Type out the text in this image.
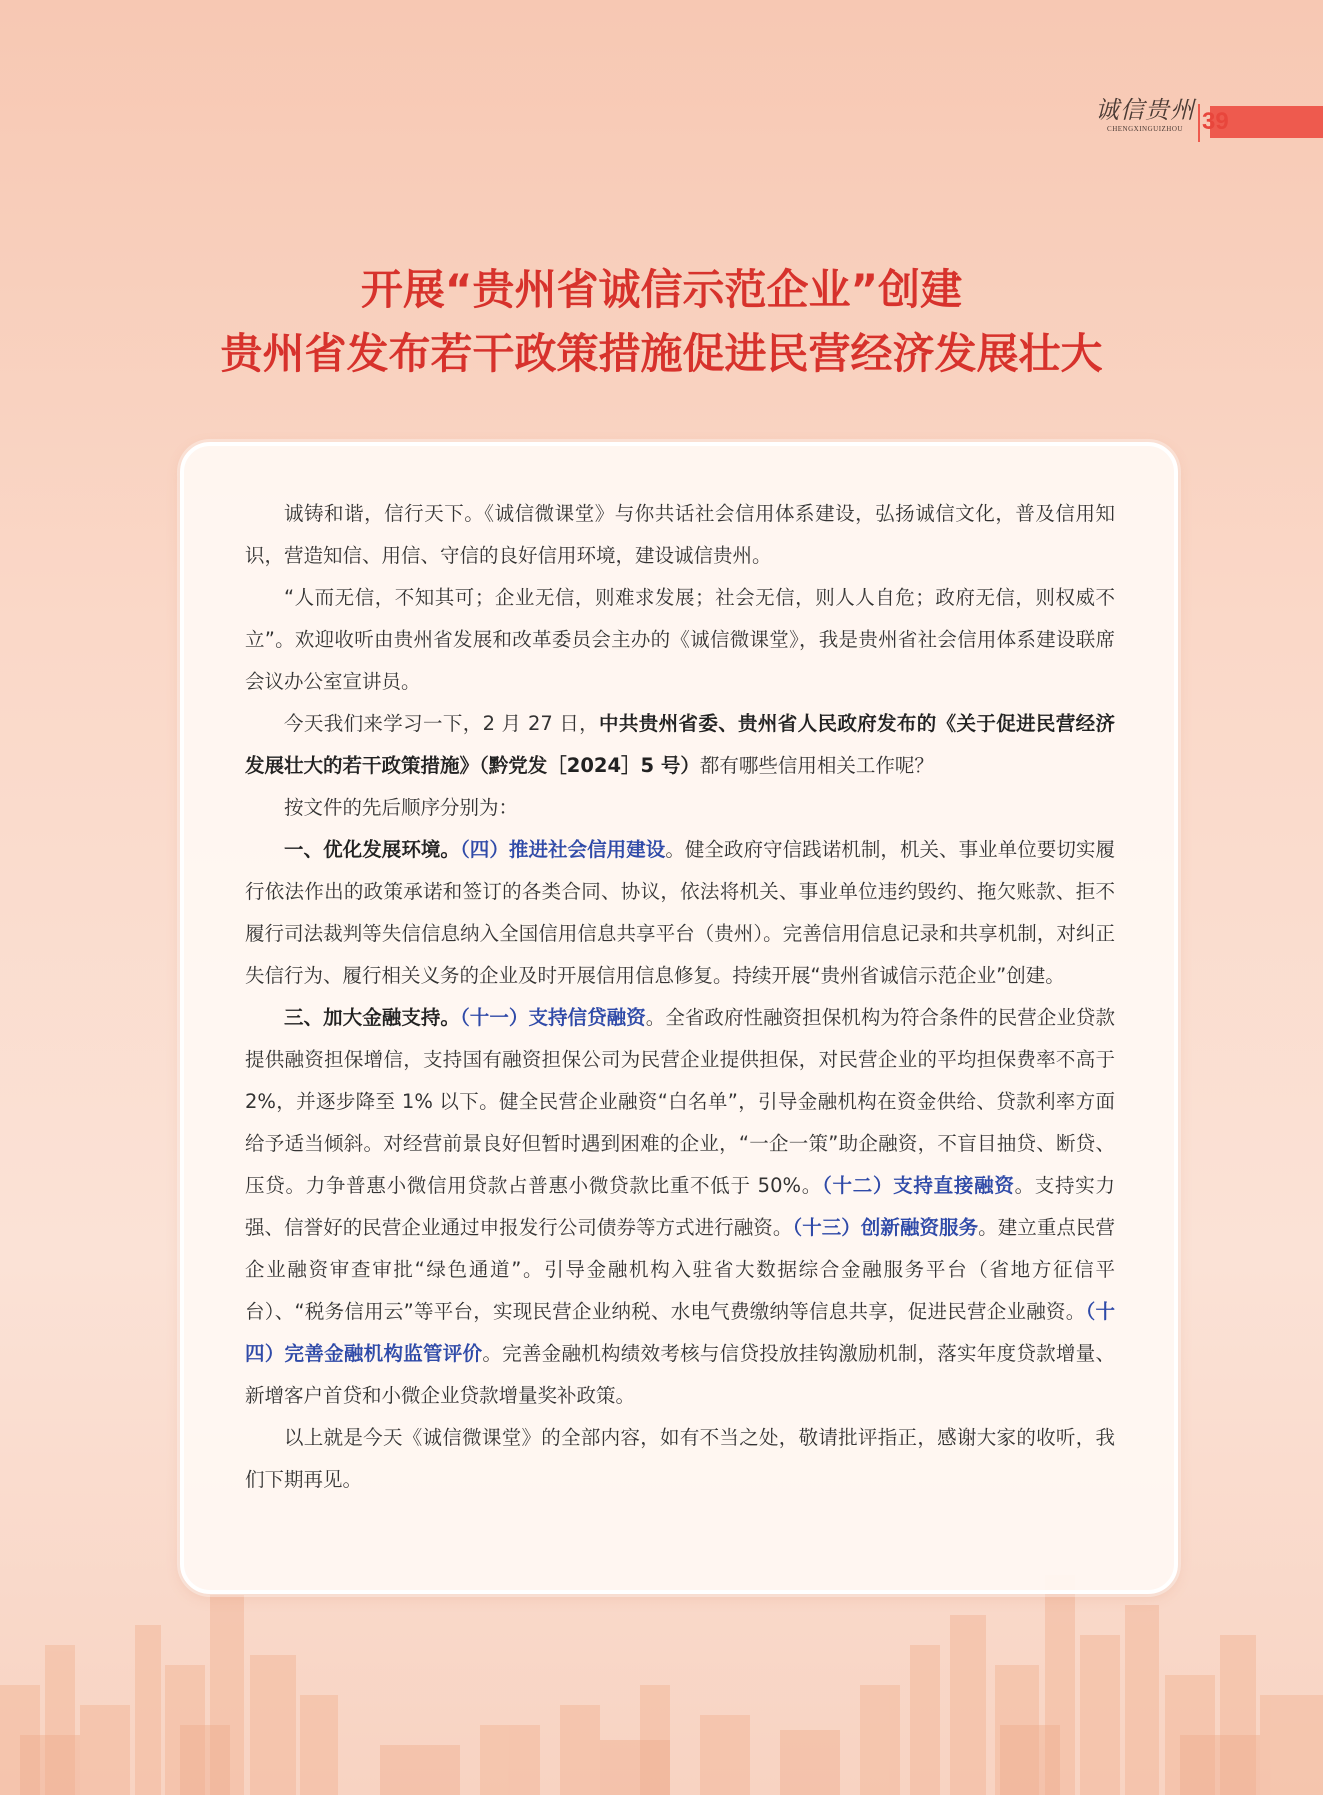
诚信贵州
CHENGXINGUIZHOU 39
开展“贵州省诚信示范企业”创建
贵州省发布若干政策措施促进民营经济发展壮大

诚铸和谐，信行天下。《诚信微课堂》与你共话社会信用体系建设，弘扬诚信文化，普及信用知识，营造知信、用信、守信的良好信用环境，建设诚信贵州。

“人而无信，不知其可；企业无信，则难求发展；社会无信，则人人自危；政府无信，则权威不立”。欢迎收听由贵州省发展和改革委员会主办的《诚信微课堂》，我是贵州省社会信用体系建设联席会议办公室宣讲员。

今天我们来学习一下，2 月 27 日，中共贵州省委、贵州省人民政府发布的《关于促进民营经济发展壮大的若干政策措施》（黔党发［2024］5 号）都有哪些信用相关工作呢？

按文件的先后顺序分别为：

一、优化发展环境。（四）推进社会信用建设。健全政府守信践诺机制，机关、事业单位要切实履行依法作出的政策承诺和签订的各类合同、协议，依法将机关、事业单位违约毁约、拖欠账款、拒不履行司法裁判等失信信息纳入全国信用信息共享平台（贵州）。完善信用信息记录和共享机制，对纠正失信行为、履行相关义务的企业及时开展信用信息修复。持续开展“贵州省诚信示范企业”创建。

三、加大金融支持。（十一）支持信贷融资。全省政府性融资担保机构为符合条件的民营企业贷款提供融资担保增信，支持国有融资担保公司为民营企业提供担保，对民营企业的平均担保费率不高于 2%，并逐步降至 1% 以下。健全民营企业融资“白名单”，引导金融机构在资金供给、贷款利率方面给予适当倾斜。对经营前景良好但暂时遇到困难的企业，“一企一策”助企融资，不盲目抽贷、断贷、压贷。力争普惠小微信用贷款占普惠小微贷款比重不低于 50%。（十二）支持直接融资。支持实力强、信誉好的民营企业通过申报发行公司债券等方式进行融资。（十三）创新融资服务。建立重点民营企业融资审查审批“绿色通道”。引导金融机构入驻省大数据综合金融服务平台（省地方征信平台）、“税务信用云”等平台，实现民营企业纳税、水电气费缴纳等信息共享，促进民营企业融资。（十四）完善金融机构监管评价。完善金融机构绩效考核与信贷投放挂钩激励机制，落实年度贷款增量、新增客户首贷和小微企业贷款增量奖补政策。

以上就是今天《诚信微课堂》的全部内容，如有不当之处，敬请批评指正，感谢大家的收听，我们下期再见。
